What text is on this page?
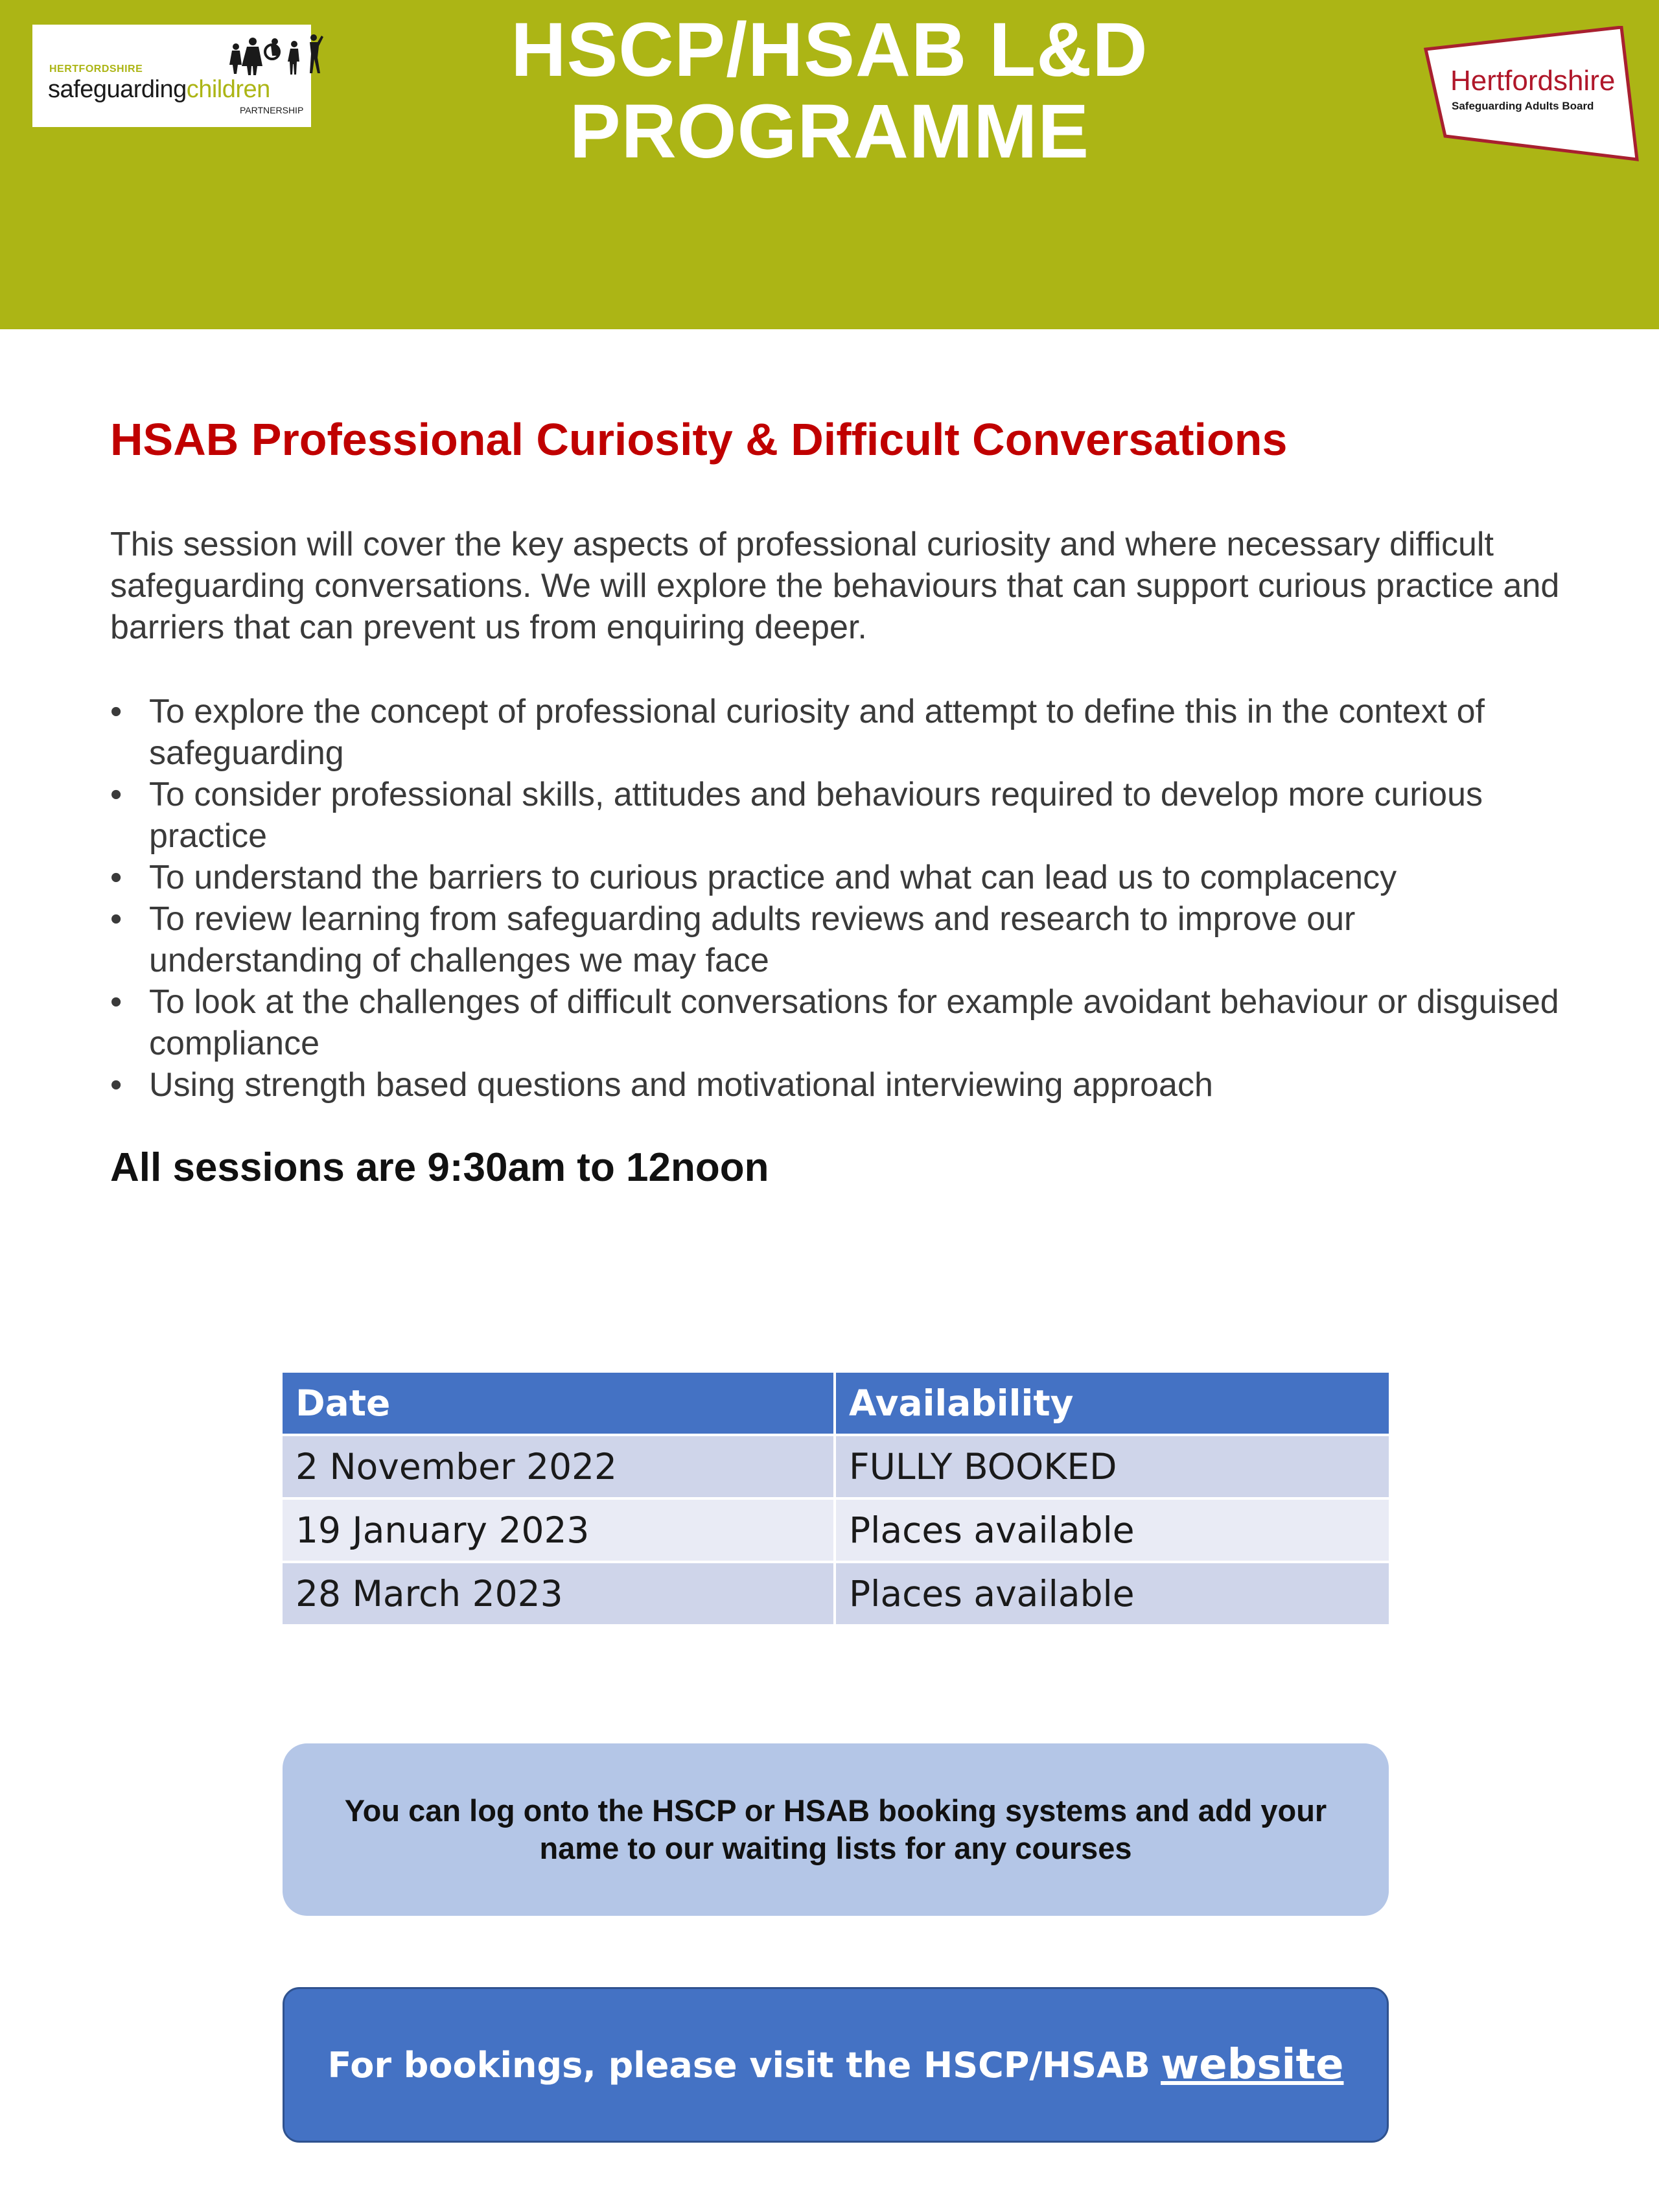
HERTFORDSHIRE
safeguardingchildren
PARTNERSHIP
HSCP/HSAB L&D
PROGRAMME
Hertfordshire
Safeguarding Adults Board
HSAB Professional Curiosity & Difficult Conversations
This session will cover the key aspects of professional curiosity and where necessary difficult safeguarding conversations. We will explore the behaviours that can support curious practice and barriers that can prevent us from enquiring deeper.
• To explore the concept of professional curiosity and attempt to define this in the context of safeguarding
• To consider professional skills, attitudes and behaviours required to develop more curious practice
• To understand the barriers to curious practice and what can lead us to complacency
• To review learning from safeguarding adults reviews and research to improve our understanding of challenges we may face
• To look at the challenges of difficult conversations for example avoidant behaviour or disguised compliance
• Using strength based questions and motivational interviewing approach
All sessions are 9:30am to 12noon
Date	Availability
2 November 2022	FULLY BOOKED
19 January 2023	Places available
28 March 2023	Places available
You can log onto the HSCP or HSAB booking systems and add your name to our waiting lists for any courses
For bookings, please visit the HSCP/HSAB website
